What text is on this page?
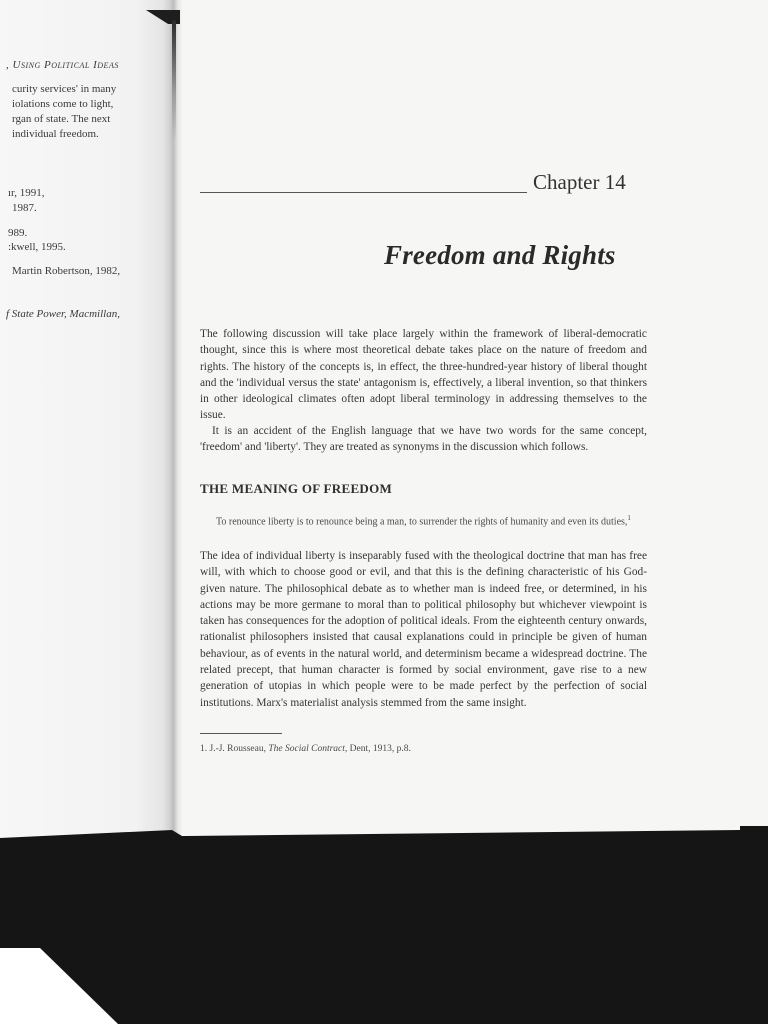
, Using Political Ideas
curity services' in many
iolations come to light,
rgan of state. The next
individual freedom.
ır, 1991,
1987.
989.
:kwell, 1995.
Martin Robertson, 1982,
f State Power, Macmillan,
Chapter 14
Freedom and Rights

The following discussion will take place largely within the framework of liberal-democratic thought, since this is where most theoretical debate takes place on the nature of freedom and rights. The history of the concepts is, in effect, the three-hundred-year history of liberal thought and the 'individual versus the state' antagonism is, effectively, a liberal invention, so that thinkers in other ideological climates often adopt liberal terminology in addressing themselves to the issue.

It is an accident of the English language that we have two words for the same concept, 'freedom' and 'liberty'. They are treated as synonyms in the discussion which follows.

THE MEANING OF FREEDOM

To renounce liberty is to renounce being a man, to surrender the rights of humanity and even its duties,$^1$

The idea of individual liberty is inseparably fused with the theological doctrine that man has free will, with which to choose good or evil, and that this is the defining characteristic of his God-given nature. The philosophical debate as to whether man is indeed free, or determined, in his actions may be more germane to moral than to political philosophy but whichever viewpoint is taken has consequences for the adoption of political ideals. From the eighteenth century onwards, rationalist philosophers insisted that causal explanations could in principle be given of human behaviour, as of events in the natural world, and determinism became a widespread doctrine. The related precept, that human character is formed by social environment, gave rise to a new generation of utopias in which people were to be made perfect by the perfection of social institutions. Marx's materialist analysis stemmed from the same insight.

1. J.-J. Rousseau, The Social Contract, Dent, 1913, p.8.
